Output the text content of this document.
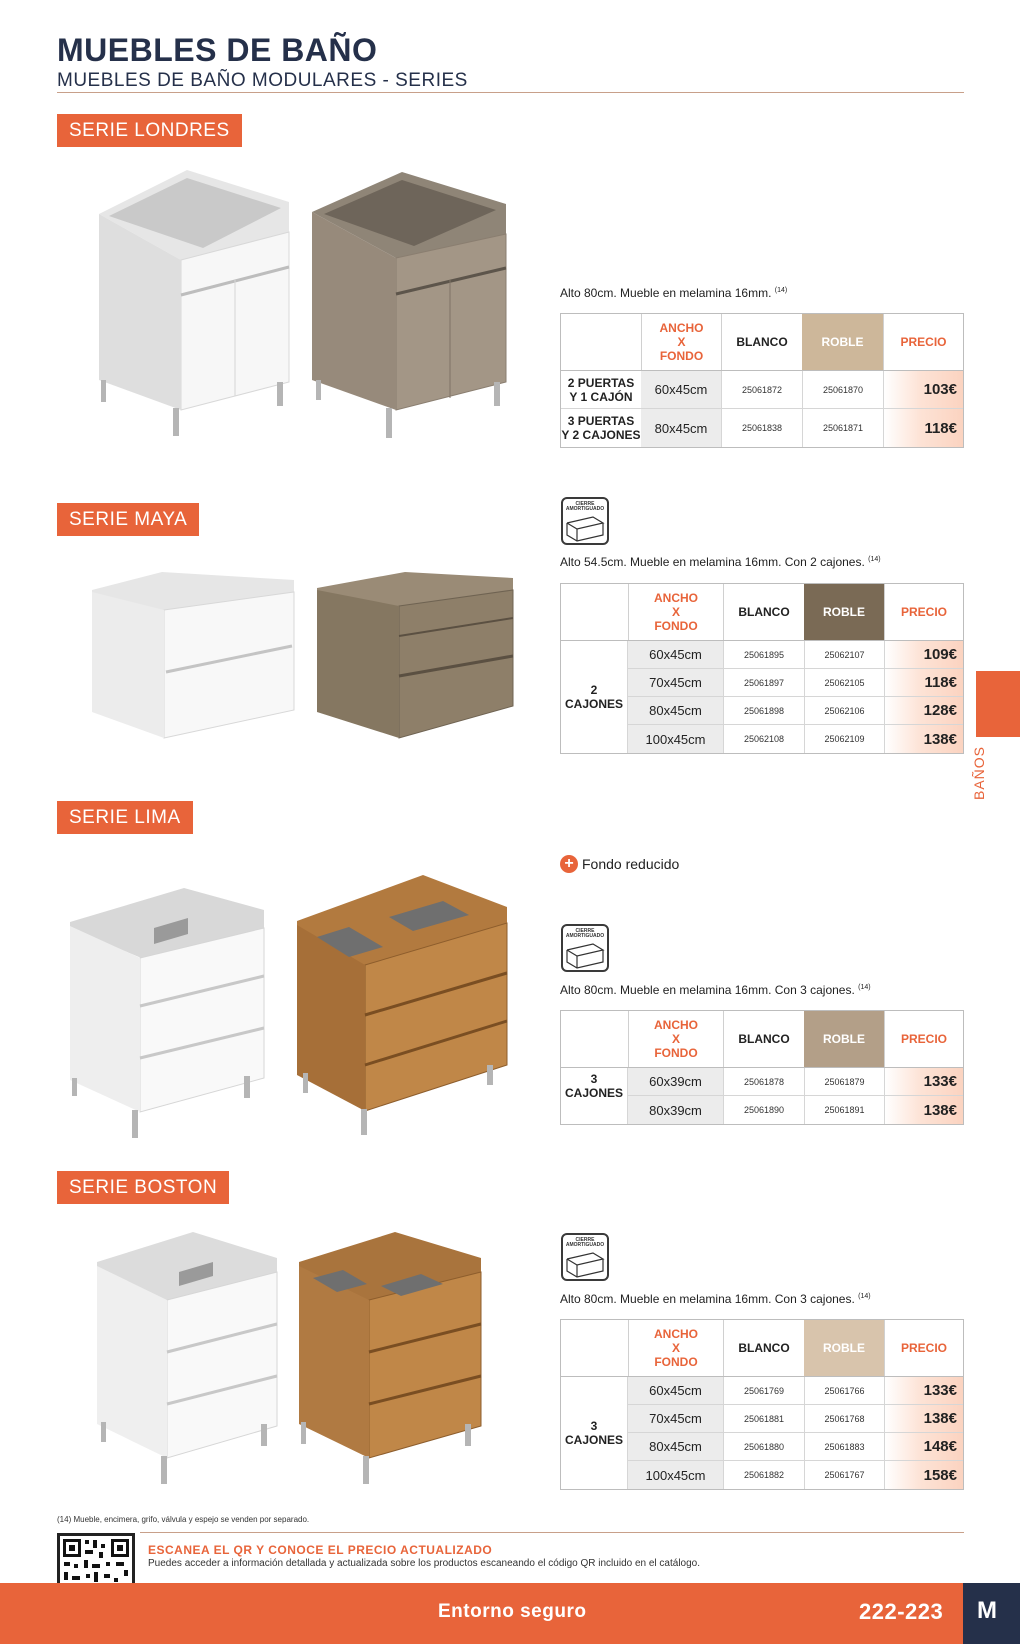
MUEBLES DE BAÑO
MUEBLES DE BAÑO MODULARES - SERIES
BAÑOS
SERIE LONDRES
Alto 80cm. Mueble en melamina 16mm. $^{(14)}$
ANCHO
X
FONDO
BLANCO	ROBLE	PRECIO
2 PUERTAS
Y 1 CAJÓN	60x45cm	25061872	25061870	103€
3 PUERTAS
Y 2 CAJONES	80x45cm	25061838	25061871	118€
SERIE MAYA
CIERRE AMORTIGUADO
Alto 54.5cm. Mueble en melamina 16mm. Con 2 cajones. $^{(14)}$
ANCHO
X
FONDO
BLANCO	ROBLE	PRECIO
2 CAJONES
60x45cm	25061895	25062107	109€
70x45cm	25061897	25062105	118€
80x45cm	25061898	25062106	128€
100x45cm	25062108	25062109	138€
SERIE LIMA
+ Fondo reducido
CIERRE AMORTIGUADO
Alto 80cm. Mueble en melamina 16mm. Con 3 cajones. $^{(14)}$
ANCHO
X
FONDO
BLANCO	ROBLE	PRECIO
3 CAJONES
60x39cm	25061878	25061879	133€
80x39cm	25061890	25061891	138€
SERIE BOSTON
CIERRE AMORTIGUADO
Alto 80cm. Mueble en melamina 16mm. Con 3 cajones. $^{(14)}$
ANCHO
X
FONDO
BLANCO	ROBLE	PRECIO
3 CAJONES
60x45cm	25061769	25061766	133€
70x45cm	25061881	25061768	138€
80x45cm	25061880	25061883	148€
100x45cm	25061882	25061767	158€
(14) Mueble, encimera, grifo, válvula y espejo se venden por separado.
ESCANEA EL QR Y CONOCE EL PRECIO ACTUALIZADO
Puedes acceder a información detallada y actualizada sobre los productos escaneando el código QR incluido en el catálogo.
Entorno seguro	222-223 M
